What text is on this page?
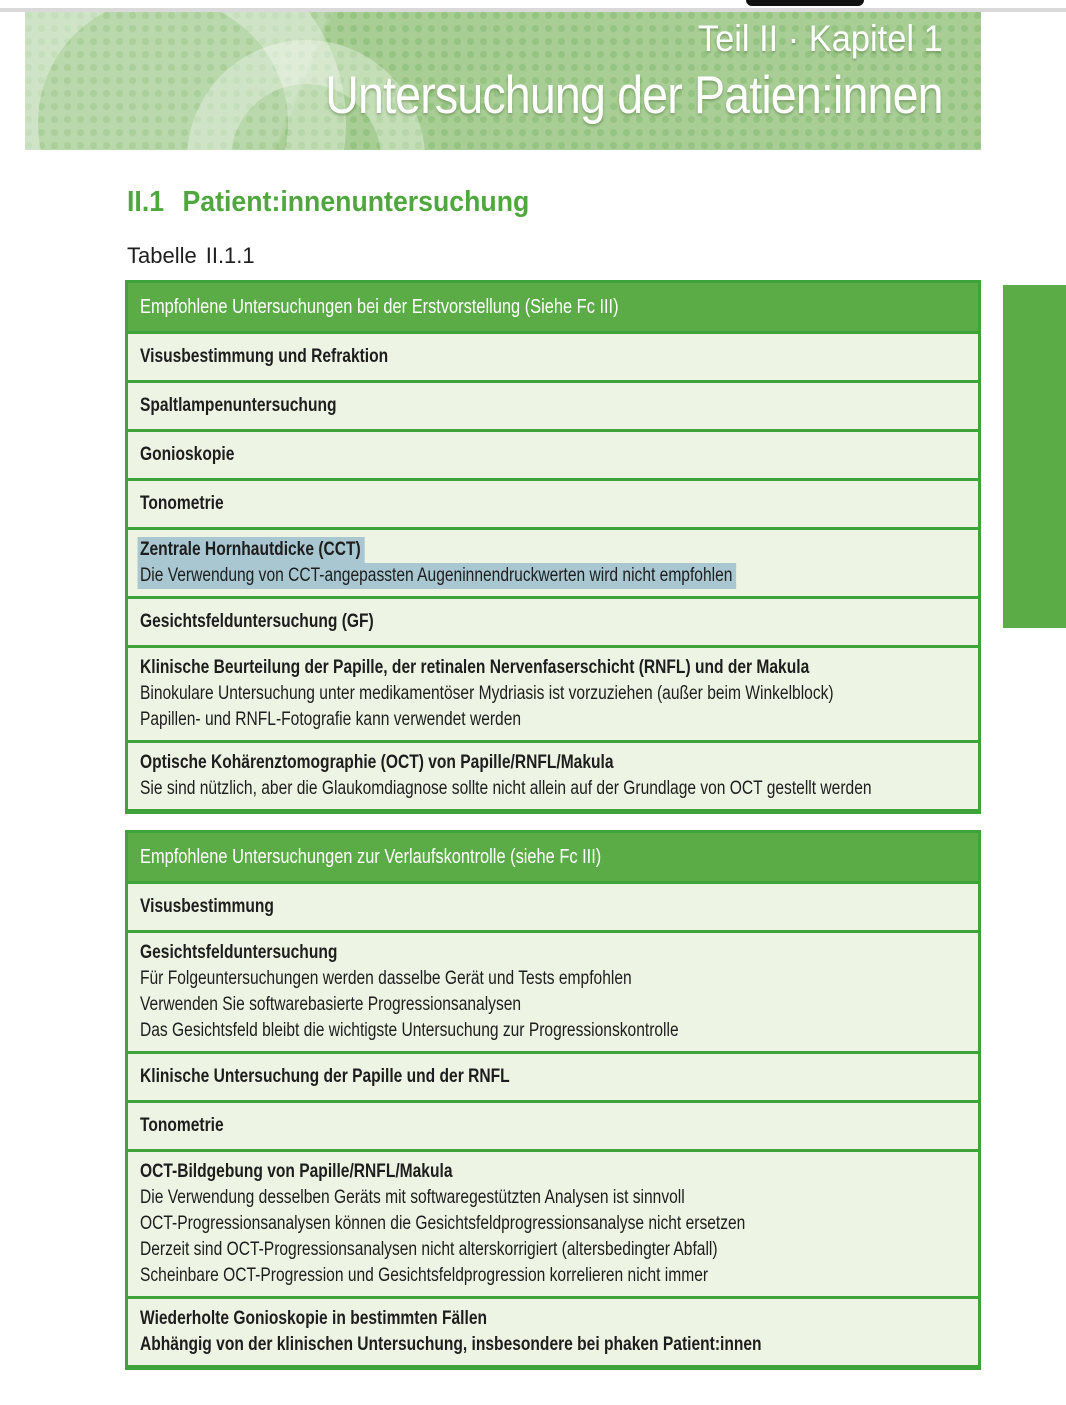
Teil II · Kapitel 1
Untersuchung der Patien:innen
II.1 Patient:innenuntersuchung
Tabelle II.1.1
Empfohlene Untersuchungen bei der Erstvorstellung (Siehe Fc III)

Visusbestimmung und Refraktion

Spaltlampenuntersuchung

Gonioskopie

Tonometrie

Zentrale Hornhautdicke (CCT)

Die Verwendung von CCT-angepassten Augeninnendruckwerten wird nicht empfohlen

Gesichtsfelduntersuchung (GF)

Klinische Beurteilung der Papille, der retinalen Nervenfaserschicht (RNFL) und der Makula

Binokulare Untersuchung unter medikamentöser Mydriasis ist vorzuziehen (außer beim Winkelblock)

Papillen- und RNFL-Fotografie kann verwendet werden

Optische Kohärenztomographie (OCT) von Papille/RNFL/Makula

Sie sind nützlich, aber die Glaukomdiagnose sollte nicht allein auf der Grundlage von OCT gestellt werden

Empfohlene Untersuchungen zur Verlaufskontrolle (siehe Fc III)

Visusbestimmung

Gesichtsfelduntersuchung

Für Folgeuntersuchungen werden dasselbe Gerät und Tests empfohlen

Verwenden Sie softwarebasierte Progressionsanalysen

Das Gesichtsfeld bleibt die wichtigste Untersuchung zur Progressionskontrolle

Klinische Untersuchung der Papille und der RNFL

Tonometrie

OCT-Bildgebung von Papille/RNFL/Makula

Die Verwendung desselben Geräts mit softwaregestützten Analysen ist sinnvoll

OCT-Progressionsanalysen können die Gesichtsfeldprogressionsanalyse nicht ersetzen

Derzeit sind OCT-Progressionsanalysen nicht alterskorrigiert (altersbedingter Abfall)

Scheinbare OCT-Progression und Gesichtsfeldprogression korrelieren nicht immer

Wiederholte Gonioskopie in bestimmten Fällen

Abhängig von der klinischen Untersuchung, insbesondere bei phaken Patient:innen
